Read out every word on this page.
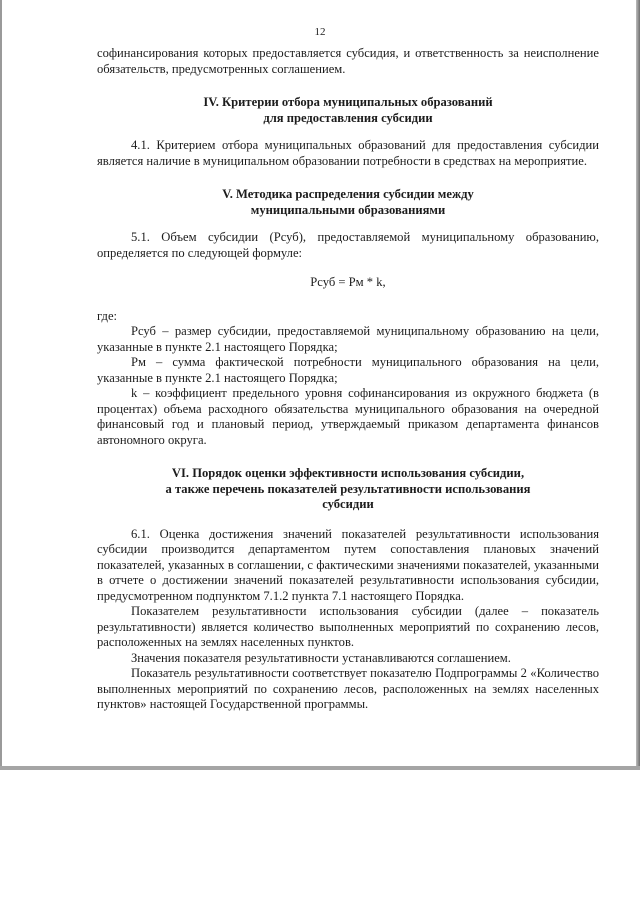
12

софинансирования которых предоставляется субсидия, и ответственность за неисполнение обязательств, предусмотренных соглашением.

IV. Критерии отбора муниципальных образований

для предоставления субсидии

4.1. Критерием отбора муниципальных образований для предоставления субсидии является наличие в муниципальном образовании потребности в средствах на мероприятие.

V. Методика распределения субсидии между

муниципальными образованиями

5.1. Объем субсидии (Рсуб), предоставляемой муниципальному образованию, определяется по следующей формуле:

Рсуб = Рм * k,

где:

Рсуб – размер субсидии, предоставляемой муниципальному образованию на цели, указанные в пункте 2.1 настоящего Порядка;

Рм – сумма фактической потребности муниципального образования на цели, указанные в пункте 2.1 настоящего Порядка;

k – коэффициент предельного уровня софинансирования из окружного бюджета (в процентах) объема расходного обязательства муниципального образования на очередной финансовый год и плановый период, утверждаемый приказом департамента финансов автономного округа.

VI. Порядок оценки эффективности использования субсидии,

а также перечень показателей результативности использования

субсидии

6.1. Оценка достижения значений показателей результативности использования субсидии производится департаментом путем сопоставления плановых значений показателей, указанных в соглашении, с фактическими значениями показателей, указанными в отчете о достижении значений показателей результативности использования субсидии, предусмотренном подпунктом 7.1.2 пункта 7.1 настоящего Порядка.

Показателем результативности использования субсидии (далее – показатель результативности) является количество выполненных мероприятий по сохранению лесов, расположенных на землях населенных пунктов.

Значения показателя результативности устанавливаются соглашением.

Показатель результативности соответствует показателю Подпрограммы 2 «Количество выполненных мероприятий по сохранению лесов, расположенных на землях населенных пунктов» настоящей Государственной программы.
